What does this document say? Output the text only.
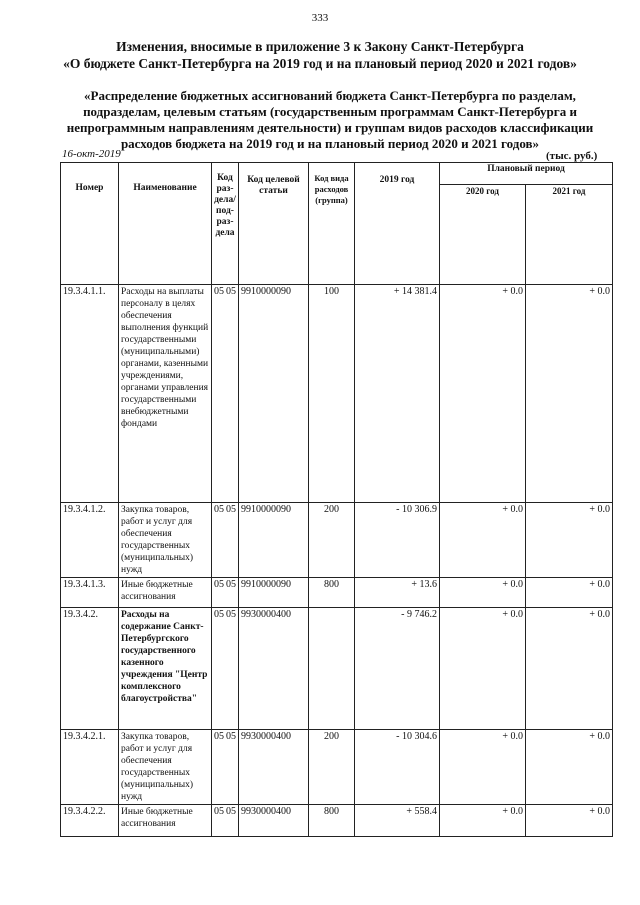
333
Изменения, вносимые в приложение 3 к Закону Санкт-Петербурга
«О бюджете Санкт-Петербурга на 2019 год и на плановый период 2020 и 2021 годов»
«Распределение бюджетных ассигнований бюджета Санкт-Петербурга по разделам, подразделам, целевым статьям (государственным программам Санкт-Петербурга и непрограммным направлениям деятельности) и группам видов расходов классификации расходов бюджета на 2019 год и на плановый период 2020 и 2021 годов»
16-окт-2019	(тыс. руб.)
Номер	Наименование	Код раз-дела/ под-раз-дела	Код целевой статьи	Код вида расходов (группа)	2019 год	Плановый период	
						2020 год	2021 год
19.3.4.1.1.	Расходы на выплаты персоналу в целях обеспечения выполнения функций государственными (муниципальными) органами, казенными учреждениями, органами управления государственными внебюджетными фондами	05 05	9910000090	100	+ 14 381.4	+ 0.0	+ 0.0
19.3.4.1.2.	Закупка товаров, работ и услуг для обеспечения государственных (муниципальных) нужд	05 05	9910000090	200	- 10 306.9	+ 0.0	+ 0.0
19.3.4.1.3.	Иные бюджетные ассигнования	05 05	9910000090	800	+ 13.6	+ 0.0	+ 0.0
19.3.4.2.	Расходы на содержание Санкт-Петербургского государственного казенного учреждения "Центр комплексного благоустройства"	05 05	9930000400		- 9 746.2	+ 0.0	+ 0.0
19.3.4.2.1.	Закупка товаров, работ и услуг для обеспечения государственных (муниципальных) нужд	05 05	9930000400	200	- 10 304.6	+ 0.0	+ 0.0
19.3.4.2.2.	Иные бюджетные ассигнования	05 05	9930000400	800	+ 558.4	+ 0.0	+ 0.0
